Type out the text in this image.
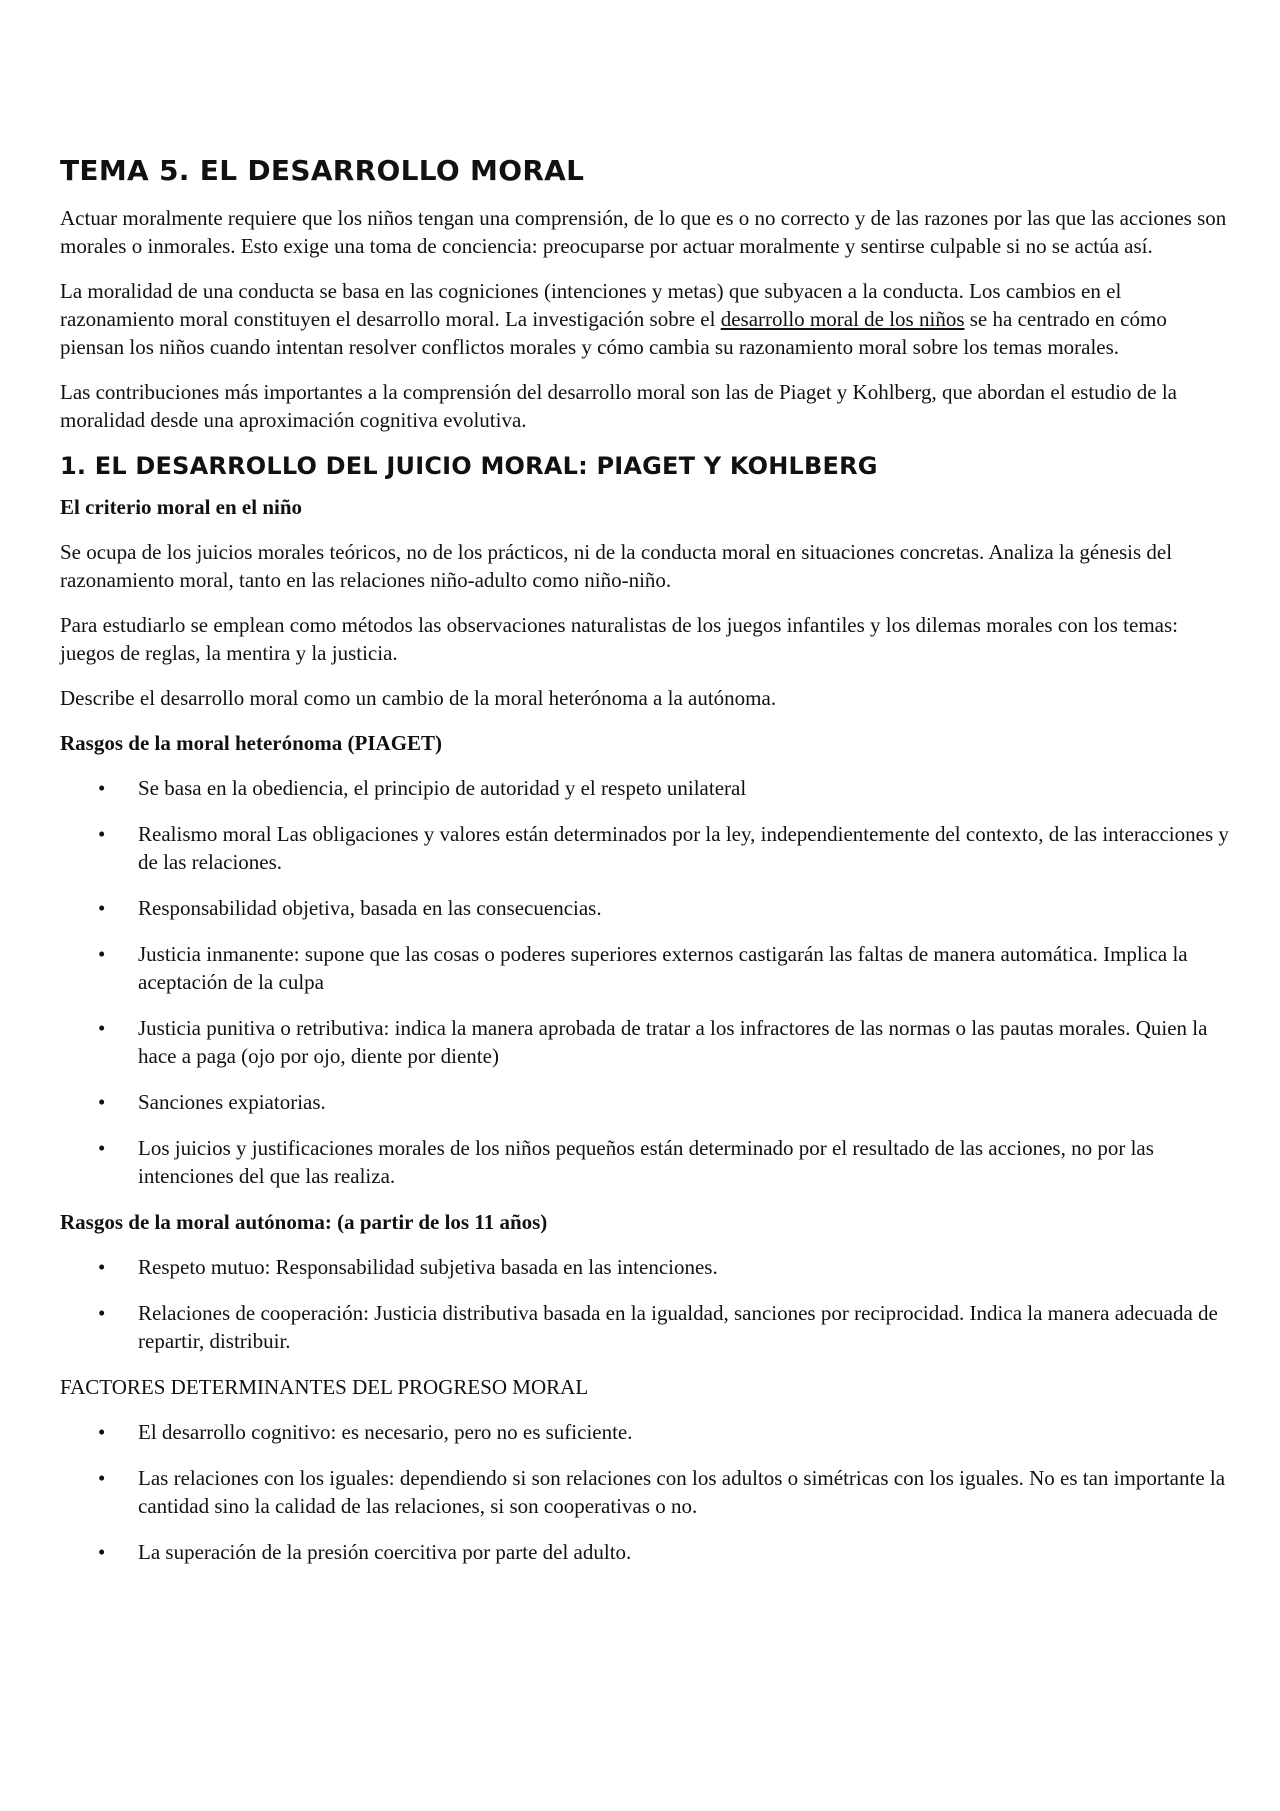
TEMA 5. EL DESARROLLO MORAL

Actuar moralmente requiere que los niños tengan una comprensión, de lo que es o no correcto y de las razones por las que las acciones son morales o inmorales. Esto exige una toma de conciencia: preocuparse por actuar moralmente y sentirse culpable si no se actúa así.

La moralidad de una conducta se basa en las cogniciones (intenciones y metas) que subyacen a la conducta. Los cambios en el razonamiento moral constituyen el desarrollo moral. La investigación sobre el desarrollo moral de los niños se ha centrado en cómo piensan los niños cuando intentan resolver conflictos morales y cómo cambia su razonamiento moral sobre los temas morales.

Las contribuciones más importantes a la comprensión del desarrollo moral son las de Piaget y Kohlberg, que abordan el estudio de la moralidad desde una aproximación cognitiva evolutiva.

1. EL DESARROLLO DEL JUICIO MORAL: PIAGET Y KOHLBERG
El criterio moral en el niño

Se ocupa de los juicios morales teóricos, no de los prácticos, ni de la conducta moral en situaciones concretas. Analiza la génesis del razonamiento moral, tanto en las relaciones niño-adulto como niño-niño.

Para estudiarlo se emplean como métodos las observaciones naturalistas de los juegos infantiles y los dilemas morales con los temas: juegos de reglas, la mentira y la justicia.

Describe el desarrollo moral como un cambio de la moral heterónoma a la autónoma.

Rasgos de la moral heterónoma (PIAGET)
• Se basa en la obediencia, el principio de autoridad y el respeto unilateral
• Realismo moral Las obligaciones y valores están determinados por la ley, independientemente del contexto, de las interacciones y de las relaciones.
• Responsabilidad objetiva, basada en las consecuencias.
• Justicia inmanente: supone que las cosas o poderes superiores externos castigarán las faltas de manera automática. Implica la aceptación de la culpa
• Justicia punitiva o retributiva: indica la manera aprobada de tratar a los infractores de las normas o las pautas morales. Quien la hace a paga (ojo por ojo, diente por diente)
• Sanciones expiatorias.
• Los juicios y justificaciones morales de los niños pequeños están determinado por el resultado de las acciones, no por las intenciones del que las realiza.
Rasgos de la moral autónoma: (a partir de los 11 años)
• Respeto mutuo: Responsabilidad subjetiva basada en las intenciones.
• Relaciones de cooperación: Justicia distributiva basada en la igualdad, sanciones por reciprocidad. Indica la manera adecuada de repartir, distribuir.
FACTORES DETERMINANTES DEL PROGRESO MORAL
• El desarrollo cognitivo: es necesario, pero no es suficiente.
• Las relaciones con los iguales: dependiendo si son relaciones con los adultos o simétricas con los iguales. No es tan importante la cantidad sino la calidad de las relaciones, si son cooperativas o no.
• La superación de la presión coercitiva por parte del adulto.
